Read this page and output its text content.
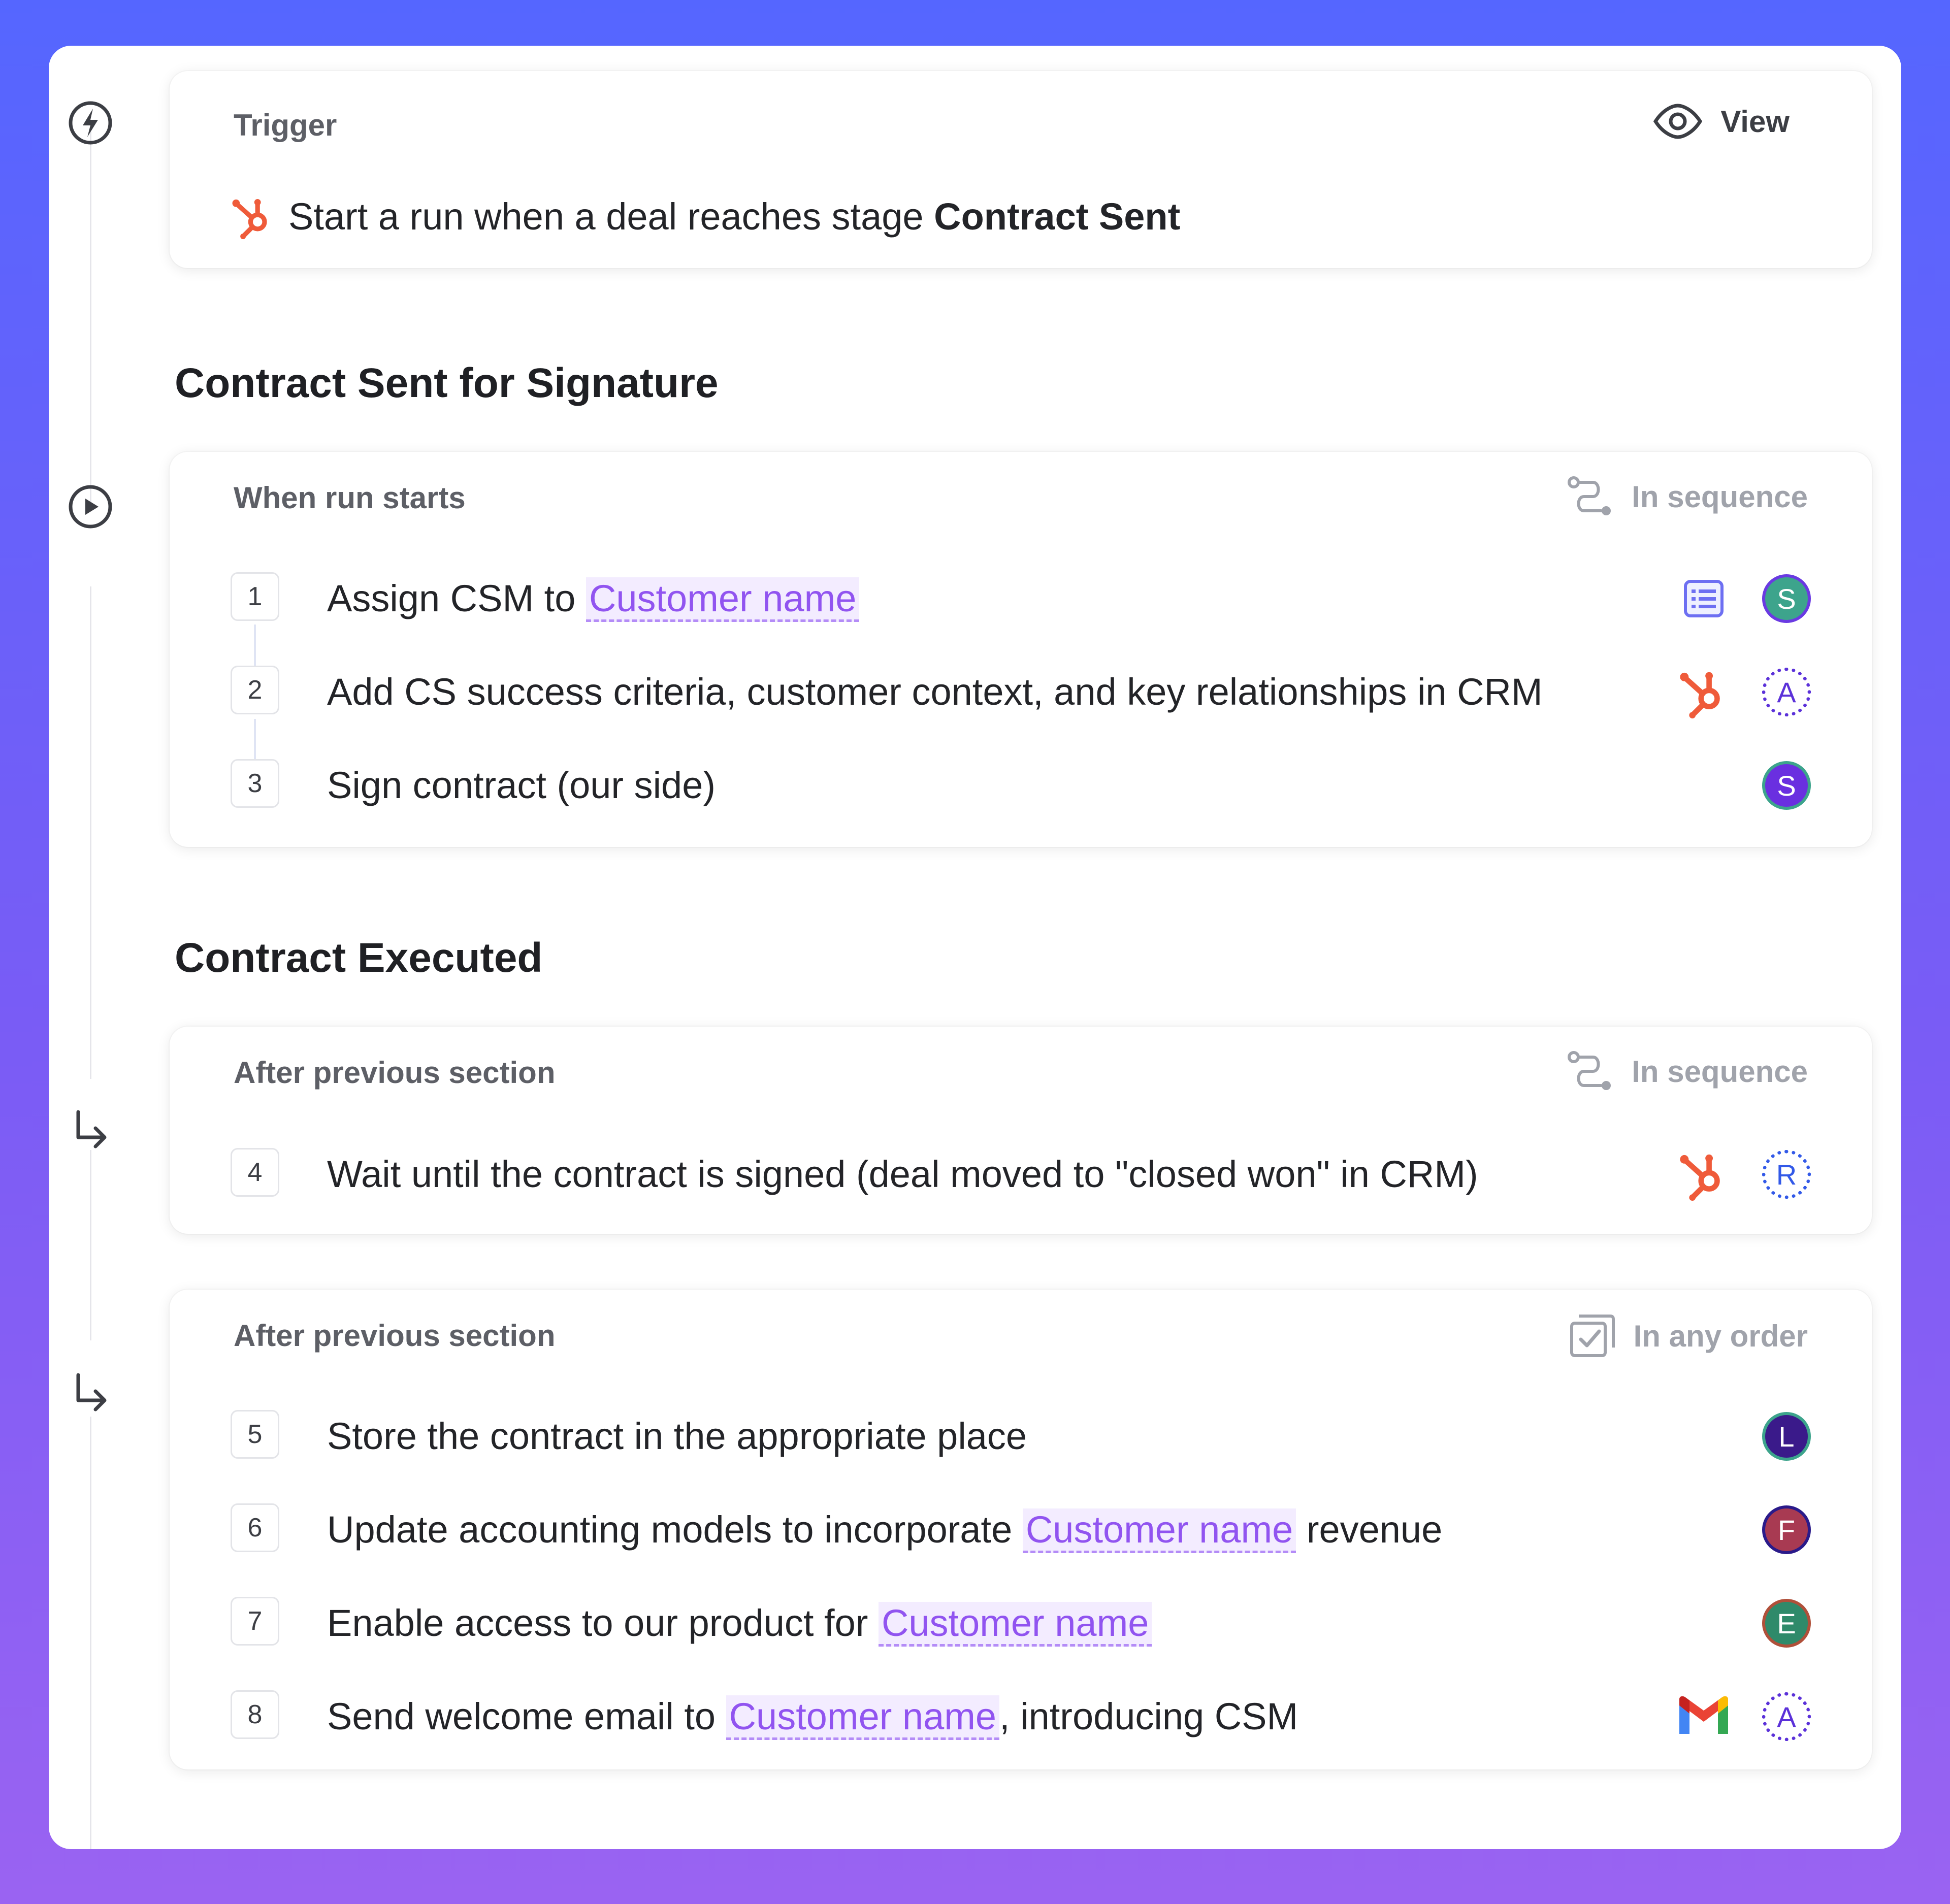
Trigger	View
Start a run when a deal reaches stage Contract Sent
Contract Sent for Signature
When run starts	In sequence
1	Assign CSM to Customer name	S
2	Add CS success criteria, customer context, and key relationships in CRM	A
3	Sign contract (our side)	S
Contract Executed
After previous section	In sequence
4	Wait until the contract is signed (deal moved to "closed won" in CRM)	R
After previous section	In any order
5	Store the contract in the appropriate place	L
6	Update accounting models to incorporate Customer name revenue	F
7	Enable access to our product for Customer name	E
8	Send welcome email to Customer name, introducing CSM	A
